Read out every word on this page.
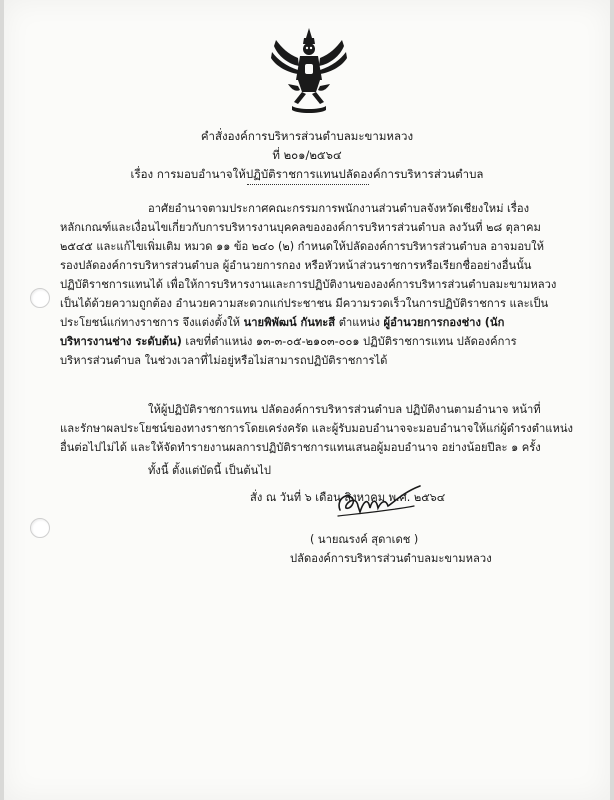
คำสั่งองค์การบริหารส่วนตำบลมะขามหลวง
ที่ ๒๐๑/๒๕๖๔
เรื่อง การมอบอำนาจให้ปฏิบัติราชการแทนปลัดองค์การบริหารส่วนตำบล

อาศัยอำนาจตามประกาศคณะกรรมการพนักงานส่วนตำบลจังหวัดเชียงใหม่ เรื่อง

หลักเกณฑ์และเงื่อนไขเกี่ยวกับการบริหารงานบุคคลขององค์การบริหารส่วนตำบล ลงวันที่ ๒๘ ตุลาคม

๒๕๔๕ และแก้ไขเพิ่มเติม หมวด ๑๑ ข้อ ๒๔๐ (๒) กำหนดให้ปลัดองค์การบริหารส่วนตำบล อาจมอบให้

รองปลัดองค์การบริหารส่วนตำบล ผู้อำนวยการกอง หรือหัวหน้าส่วนราชการหรือเรียกชื่ออย่างอื่นนั้น

ปฏิบัติราชการแทนได้ เพื่อให้การบริหารงานและการปฏิบัติงานขององค์การบริหารส่วนตำบลมะขามหลวง

เป็นได้ด้วยความถูกต้อง อำนวยความสะดวกแก่ประชาชน มีความรวดเร็วในการปฏิบัติราชการ และเป็น

ประโยชน์แก่ทางราชการ จึงแต่งตั้งให้ นายพิพัฒน์ กันทะสี ตำแหน่ง ผู้อำนวยการกองช่าง (นัก

บริหารงานช่าง ระดับต้น) เลขที่ตำแหน่ง ๑๓-๓-๐๕-๒๑๐๓-๐๐๑ ปฏิบัติราชการแทน ปลัดองค์การ

บริหารส่วนตำบล ในช่วงเวลาที่ไม่อยู่หรือไม่สามารถปฏิบัติราชการได้

ให้ผู้ปฏิบัติราชการแทน ปลัดองค์การบริหารส่วนตำบล ปฏิบัติงานตามอำนาจ หน้าที่

และรักษาผลประโยชน์ของทางราชการโดยเคร่งครัด และผู้รับมอบอำนาจจะมอบอำนาจให้แก่ผู้ดำรงตำแหน่ง

อื่นต่อไปไม่ได้ และให้จัดทำรายงานผลการปฏิบัติราชการแทนเสนอผู้มอบอำนาจ อย่างน้อยปีละ ๑ ครั้ง

ทั้งนี้ ตั้งแต่บัดนี้ เป็นต้นไป
สั่ง ณ วันที่ ๖ เดือน สิงหาคม พ.ศ. ๒๕๖๔
( นายณรงค์ สุดาเดช )
ปลัดองค์การบริหารส่วนตำบลมะขามหลวง
